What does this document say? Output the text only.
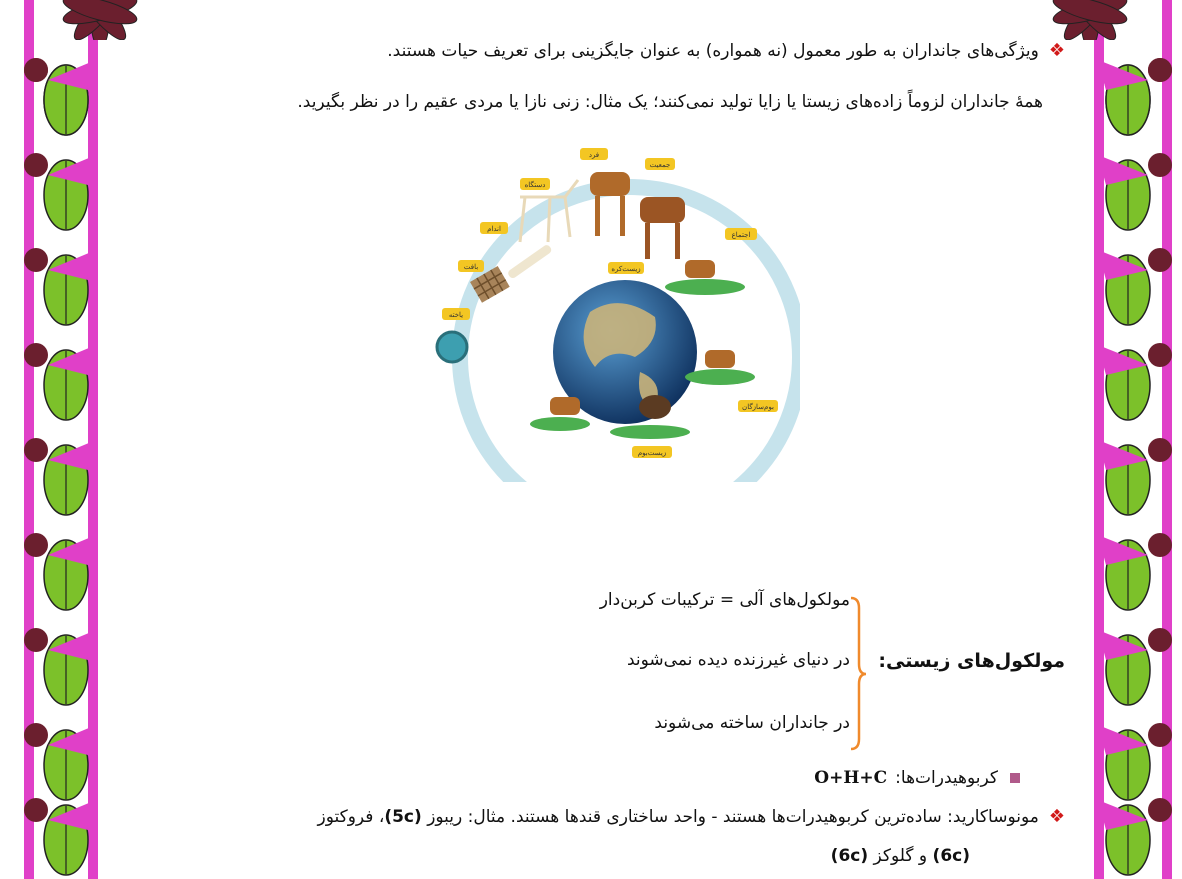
❖ویژگی‌های جانداران به طور معمول (نه همواره) به عنوان جایگزینی برای تعریف حیات هستند.
همهٔ جانداران لزوماً زاده‌های زیستا یا زایا تولید نمی‌کنند؛ یک مثال: زنی نازا یا مردی عقیم را در نظر بگیرید.
فرد
جمعیت
دستگاه
اجتماع
اندام
زیست‌کره
بافت
یاخته
بوم‌سازگان
زیست‌بوم
مولکول‌های زیستی:
مولکول‌های آلی = ترکیبات کربن‌دار
در دنیای غیرزنده دیده نمی‌شوند
در جانداران ساخته می‌شوند
کربوهیدرات‌ها:O+H+C
❖مونوساکارید: ساده‌ترین کربوهیدرات‌ها هستند - واحد ساختاری قندها هستند. مثال: ریبوز (5c)، فروکتوز
(6c) و گلوکز (6c)
